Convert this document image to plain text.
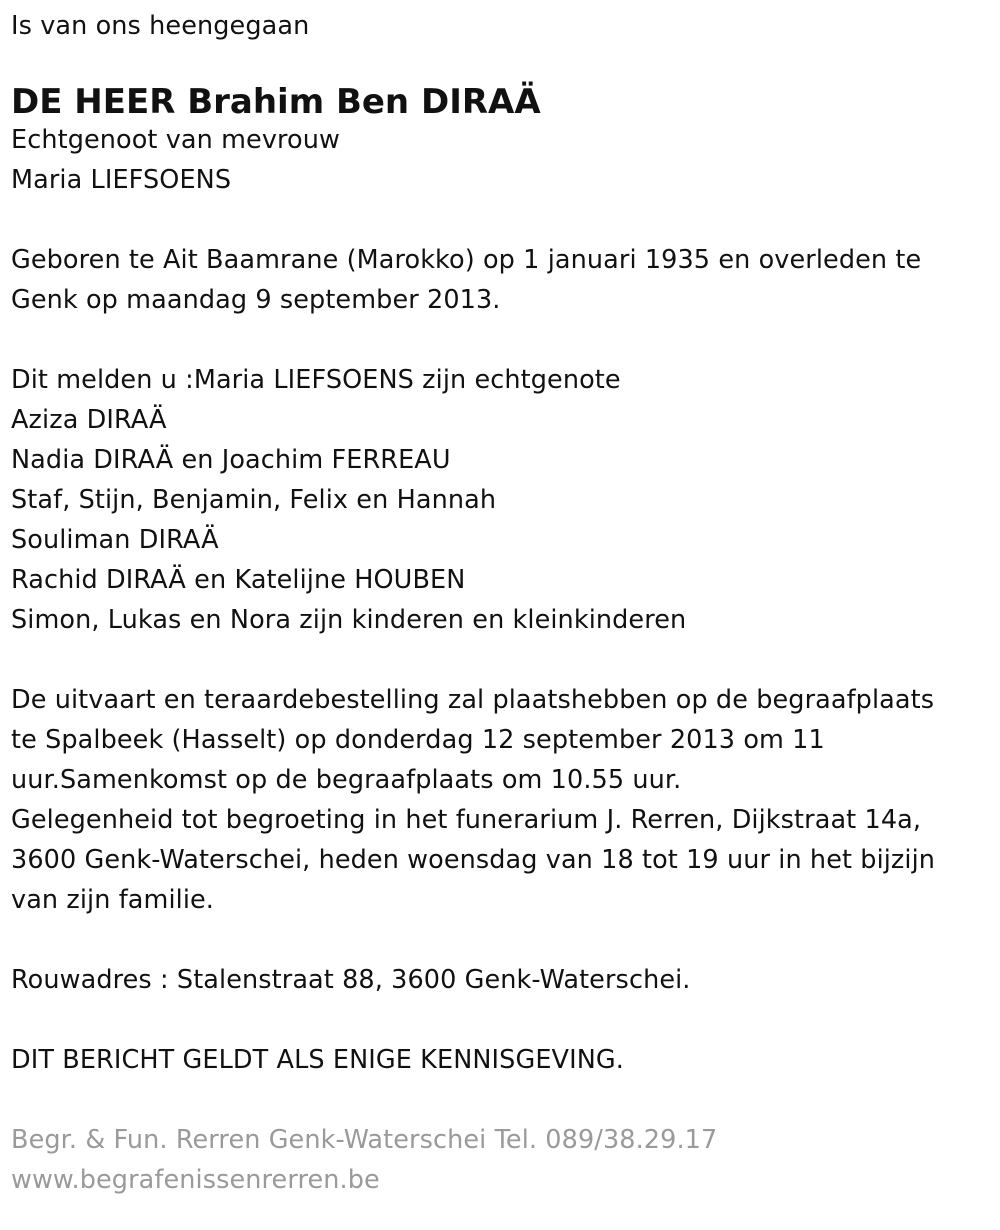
Is van ons heengegaan
DE HEER Brahim Ben DIRAÄ
Echtgenoot van mevrouw
Maria LIEFSOENS
Geboren te Ait Baamrane (Marokko) op 1 januari 1935 en overleden te
Genk op maandag 9 september 2013.
Dit melden u :Maria LIEFSOENS zijn echtgenote
Aziza DIRAÄ
Nadia DIRAÄ en Joachim FERREAU
Staf, Stijn, Benjamin, Felix en Hannah
Souliman DIRAÄ
Rachid DIRAÄ en Katelijne HOUBEN
Simon, Lukas en Nora zijn kinderen en kleinkinderen
De uitvaart en teraardebestelling zal plaatshebben op de begraafplaats
te Spalbeek (Hasselt) op donderdag 12 september 2013 om 11
uur.Samenkomst op de begraafplaats om 10.55 uur.
Gelegenheid tot begroeting in het funerarium J. Rerren, Dijkstraat 14a,
3600 Genk-Waterschei, heden woensdag van 18 tot 19 uur in het bijzijn
van zijn familie.
Rouwadres : Stalenstraat 88, 3600 Genk-Waterschei.
DIT BERICHT GELDT ALS ENIGE KENNISGEVING.
Begr. & Fun. Rerren Genk-Waterschei Tel. 089/38.29.17
www.begrafenissenrerren.be
